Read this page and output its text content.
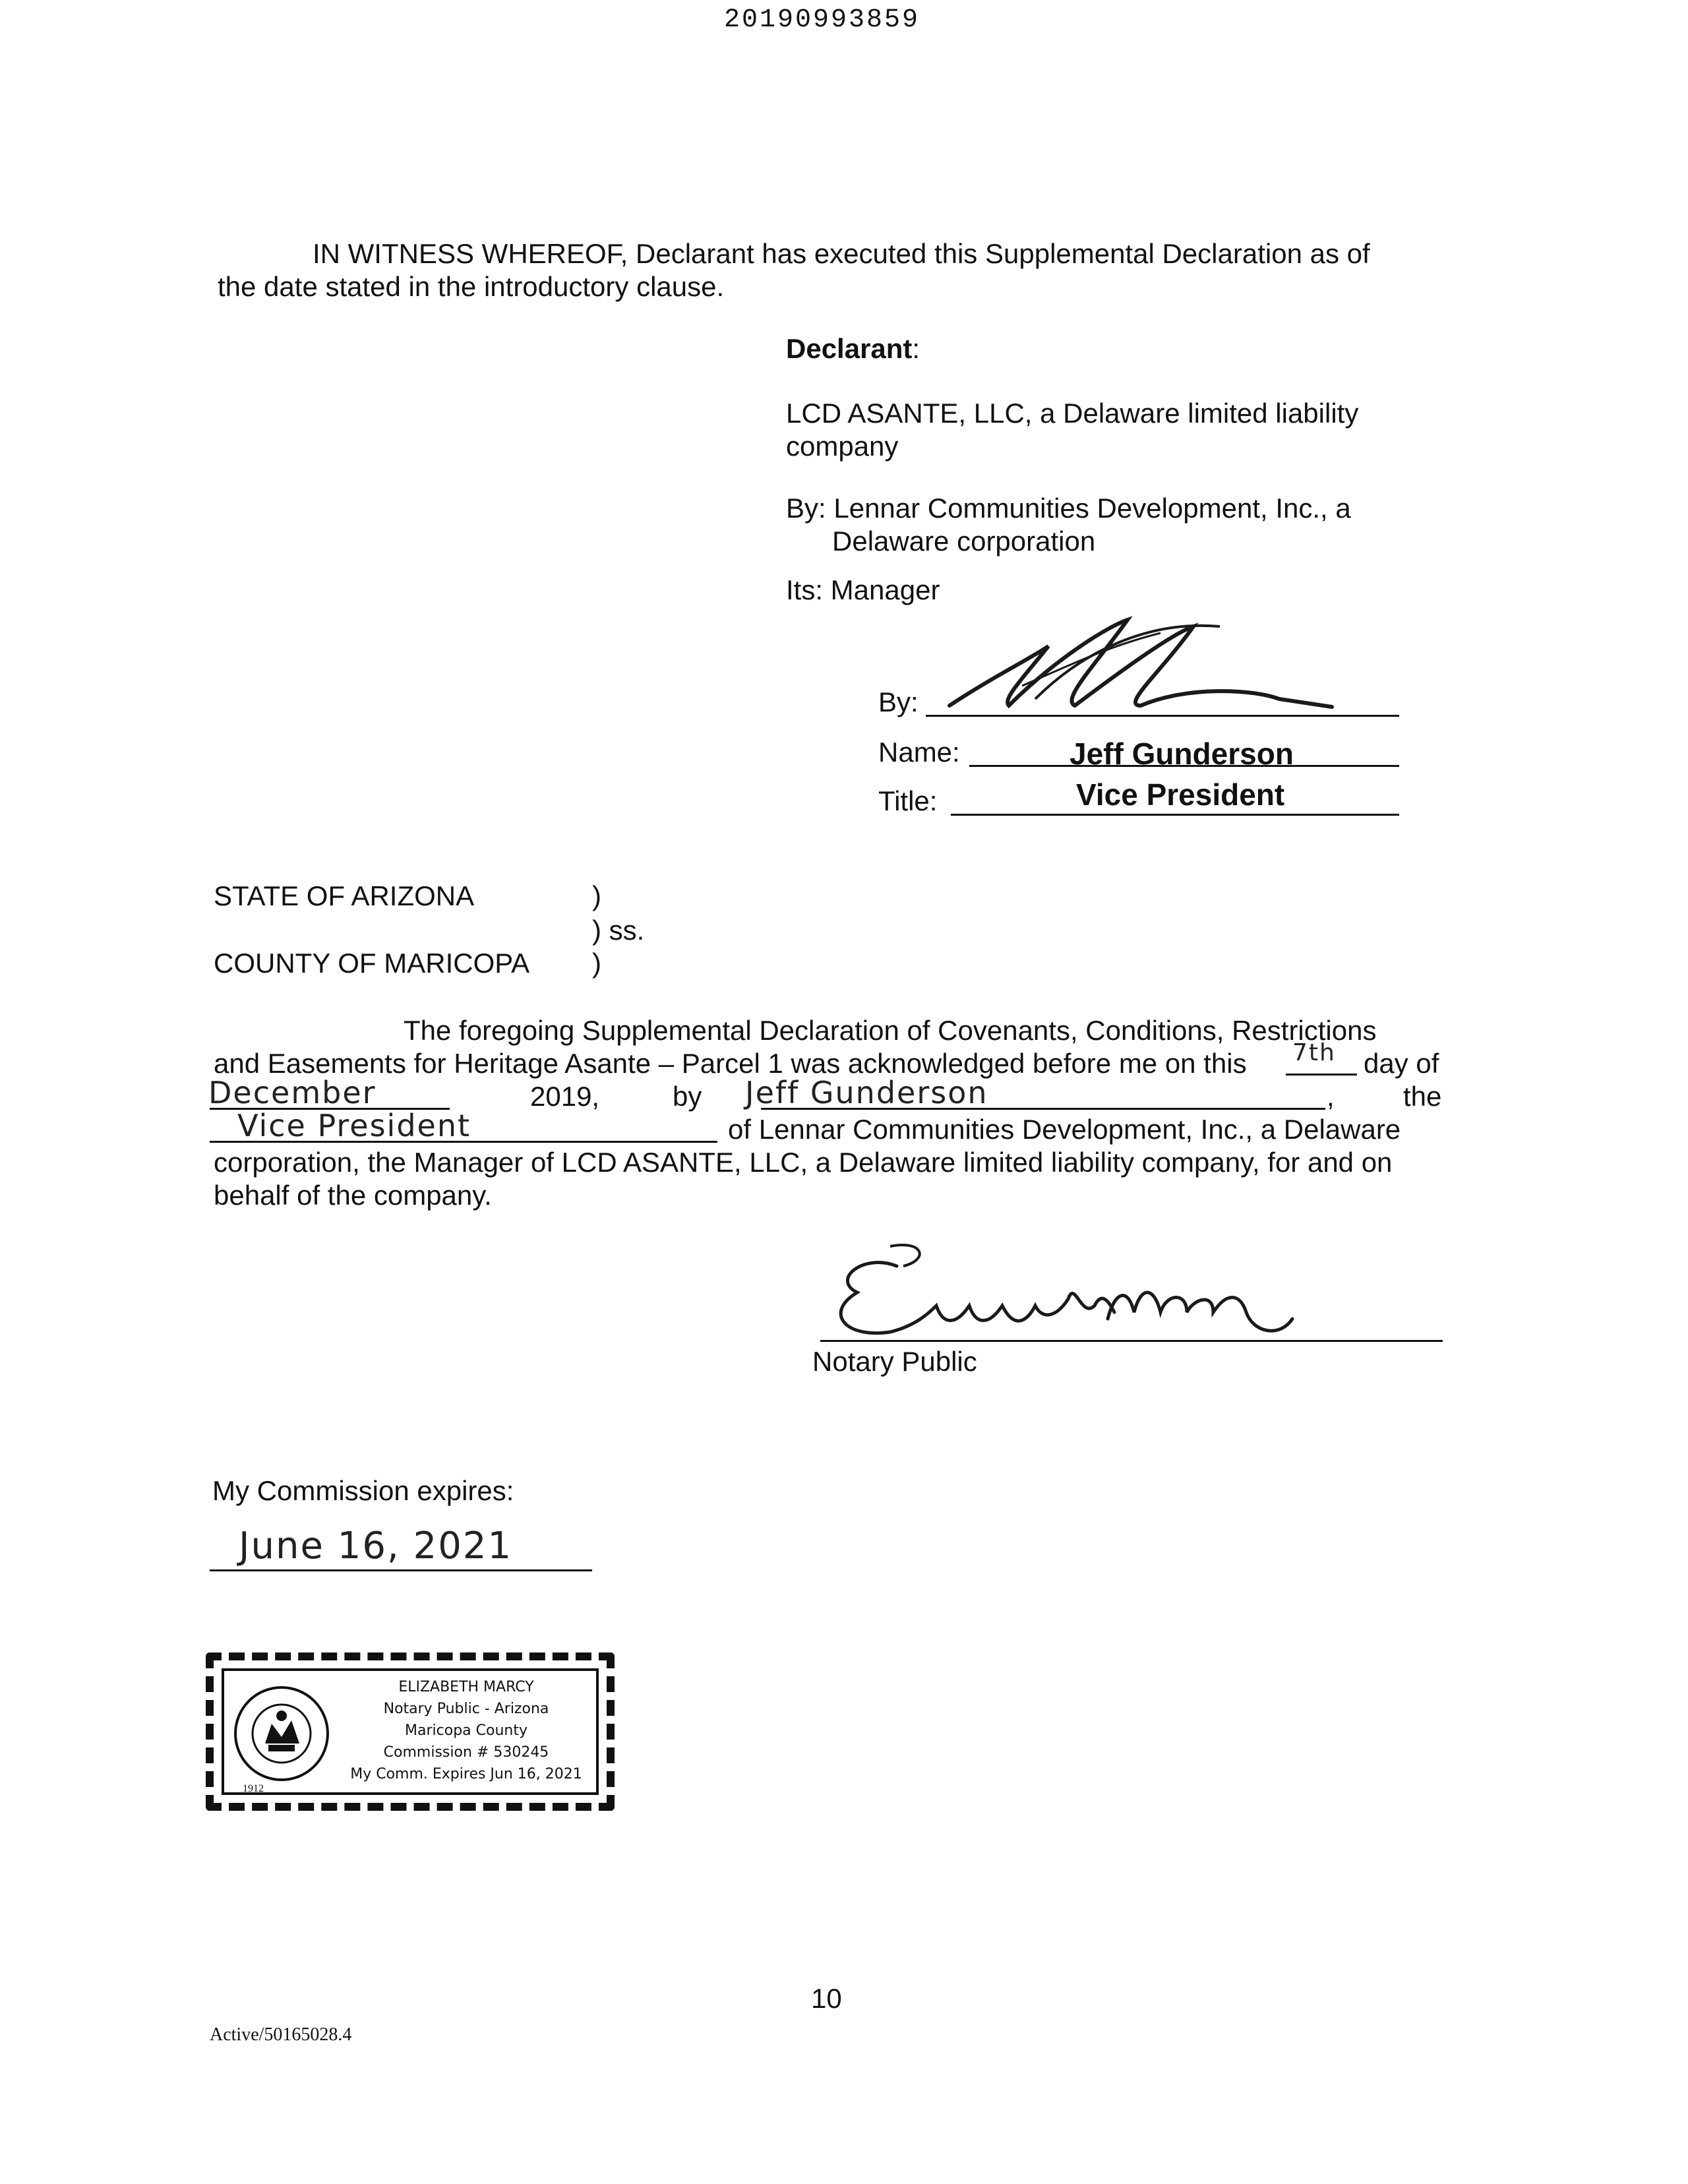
20190993859
IN WITNESS WHEREOF, Declarant has executed this Supplemental Declaration as of
the date stated in the introductory clause.
Declarant:
LCD ASANTE, LLC, a Delaware limited liability
company
By: Lennar Communities Development, Inc., a
Delaware corporation
Its: Manager
By:
Name:	Jeff Gunderson
Title:	Vice President
STATE OF ARIZONA	)
) ss.
COUNTY OF MARICOPA )
The foregoing Supplemental Declaration of Covenants, Conditions, Restrictions
and Easements for Heritage Asante – Parcel 1 was acknowledged before me on this 7th day of
December	2019,	by Jeff Gunderson	, the
Vice President	of Lennar Communities Development, Inc., a Delaware
corporation, the Manager of LCD ASANTE, LLC, a Delaware limited liability company, for and on
behalf of the company.
Notary Public
My Commission expires:
June 16, 2021
1912
ELIZABETH MARCY
Notary Public - Arizona
Maricopa County
Commission # 530245
My Comm. Expires Jun 16, 2021
10
Active/50165028.4
